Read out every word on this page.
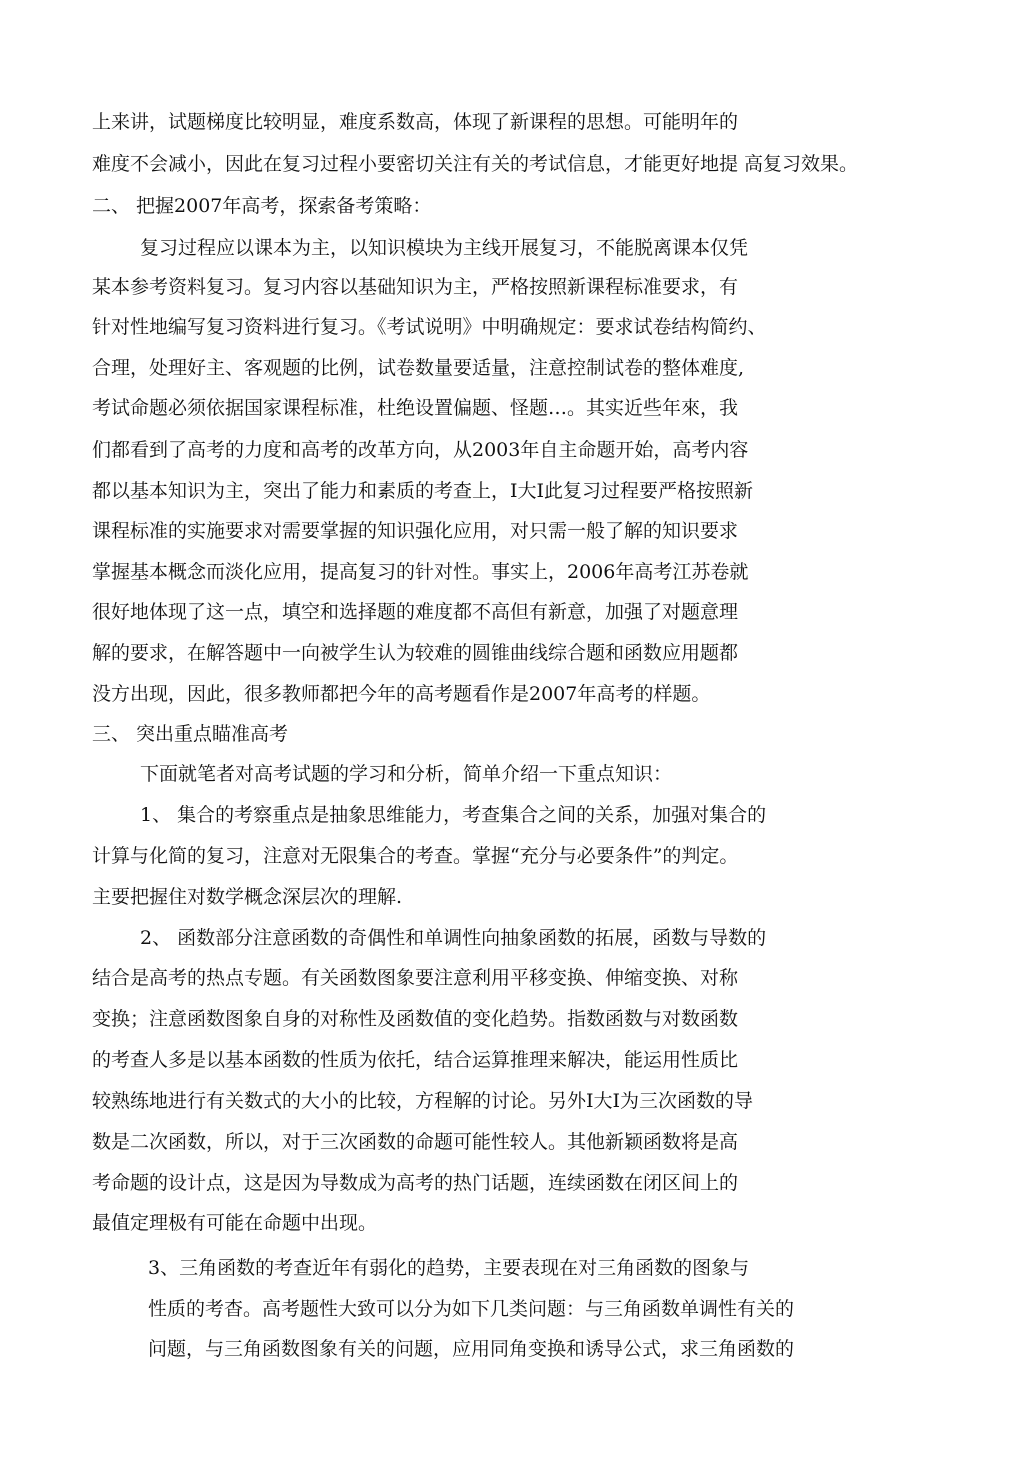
上来讲，试题梯度比较明显，难度系数高，体现了新课程的思想。可能明年的
难度不会减小，因此在复习过程小要密切关注有关的考试信息，才能更好地提 高复习效果。
二、 把握2007年高考，探索备考策略：
复习过程应以课本为主，以知识模块为主线开展复习，不能脱离课本仅凭
某本参考资料复习。复习内容以基础知识为主，严格按照新课程标准要求，有
针对性地编写复习资料进行复习。《考试说明》中明确规定：要求试卷结构简约、
合理，处理好主、客观题的比例，试卷数量要适量，注意控制试卷的整体难度,
考试命题必须依据国家课程标准，杜绝设置偏题、怪题…。其实近些年來，我
们都看到了高考的力度和高考的改革方向，从2003年自主命题开始，高考内容
都以基本知识为主，突出了能力和素质的考查上，I大I此复习过程要严格按照新
课程标准的实施要求对需要掌握的知识强化应用，对只需一般了解的知识要求
掌握基本概念而淡化应用，提高复习的针对性。事实上，2006年高考江苏卷就
很好地体现了这一点，填空和选择题的难度都不高但有新意，加强了对题意理
解的要求，在解答题中一向被学生认为较难的圆锥曲线综合题和函数应用题都
没方出现，因此，很多教师都把今年的高考题看作是2007年高考的样题。
三、 突出重点瞄准高考
下面就笔者对高考试题的学习和分析，简单介绍一下重点知识：
1、 集合的考察重点是抽象思维能力，考查集合之间的关系，加强对集合的
计算与化简的复习，注意对无限集合的考查。掌握“充分与必要条件”的判定。
主要把握住对数学概念深层次的理解.
2、 函数部分注意函数的奇偶性和单调性向抽象函数的拓展，函数与导数的
结合是高考的热点专题。有关函数图象要注意利用平移变换、伸缩变换、对称
变换；注意函数图象自身的对称性及函数值的变化趋势。指数函数与对数函数
的考查人多是以基本函数的性质为依托，结合运算推理来解决，能运用性质比
较熟练地进行有关数式的大小的比较，方程解的讨论。另外I大I为三次函数的导
数是二次函数，所以，对于三次函数的命题可能性较人。其他新颖函数将是高
考命题的设计点，这是因为导数成为高考的热门话题，连续函数在闭区间上的
最值定理极有可能在命题中出现。
3、三角函数的考查近年有弱化的趋势，主要表现在对三角函数的图象与
性质的考杳。高考题性大致可以分为如下几类问题：与三角函数单调性有关的
问题，与三角函数图象有关的问题，应用同角变换和诱导公式，求三角函数的
